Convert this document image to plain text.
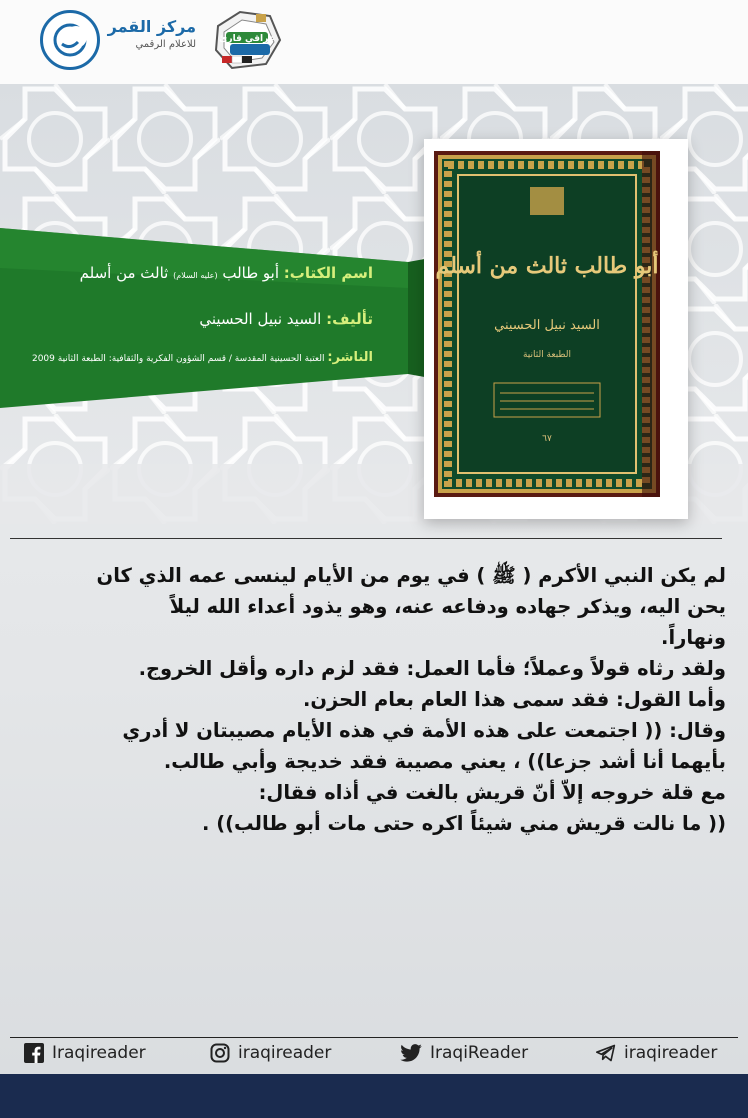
مركز القمر
للاعلام الرقمي	عراقي قارئ
اسم الكتاب: أبو طالب (عليه السلام) ثالث من أسلم
تأليف: السيد نبيل الحسيني
الناشر: العتبة الحسينية المقدسة / قسم الشؤون الفكرية والثقافية: الطبعة الثانية 2009
أبو طالب ثالث من أسلم
السيد نبيل الحسيني
الطبعة الثانية
٦٧

لم يكن النبي الأكرم ( ﷺ ) في يوم من الأيام لينسى عمه الذي كان

يحن اليه، ويذكر جهاده ودفاعه عنه، وهو يذود أعداء الله ليلاً

ونهاراً.

ولقد رثاه قولاً وعملاً؛ فأما العمل: فقد لزم داره وأقل الخروج.

وأما القول: فقد سمى هذا العام بعام الحزن.

وقال: (( اجتمعت على هذه الأمة في هذه الأيام مصيبتان لا أدري

بأيهما أنا أشد جزعا)) ، يعني مصيبة فقد خديجة وأبي طالب.

مع قلة خروجه إلاّ أنّ قريش بالغت في أذاه فقال:

(( ما نالت قريش مني شيئاً اكره حتى مات أبو طالب)) .

Iraqireader	iraqireader	IraqiReader	iraqireader
